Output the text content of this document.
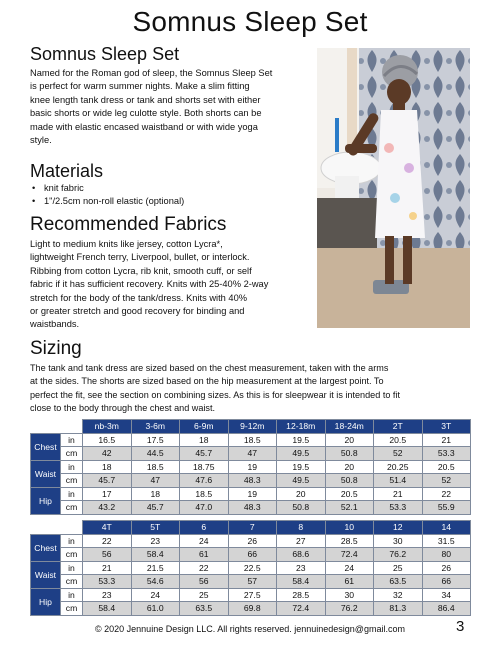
Somnus Sleep Set
Somnus Sleep Set
Named for the Roman god of sleep, the Somnus Sleep Set
is perfect for warm summer nights. Make a slim fitting
knee length tank dress or tank and shorts set with either
basic shorts or wide leg culotte style. Both shorts can be
made with elastic encased waistband or with wide yoga
style.
Materials
• knit fabric
• 1"/2.5cm non-roll elastic (optional)
Recommended Fabrics
Light to medium knits like jersey, cotton Lycra*,
lightweight French terry, Liverpool, bullet, or interlock.
Ribbing from cotton Lycra, rib knit, smooth cuff, or self
fabric if it has sufficient recovery. Knits with 25-40% 2-way
stretch for the body of the tank/dress. Knits with 40%
or greater stretch and good recovery for binding and
waistbands.
Sizing
The tank and tank dress are sized based on the chest measurement, taken with the arms
at the sides. The shorts are sized based on the hip measurement at the largest point. To
perfect the fit, see the section on combining sizes. As this is for sleepwear it is intended to fit
close to the body through the chest and waist.
		nb-3m	3-6m	6-9m	9-12m	12-18m	18-24m	2T	3T
Chest	in	16.5	17.5	18	18.5	19.5	20	20.5	21
	cm	42	44.5	45.7	47	49.5	50.8	52	53.3
Waist	in	18	18.5	18.75	19	19.5	20	20.25	20.5
	cm	45.7	47	47.6	48.3	49.5	50.8	51.4	52
Hip	in	17	18	18.5	19	20	20.5	21	22
	cm	43.2	45.7	47.0	48.3	50.8	52.1	53.3	55.9
		4T	5T	6	7	8	10	12	14
Chest	in	22	23	24	26	27	28.5	30	31.5
	cm	56	58.4	61	66	68.6	72.4	76.2	80
Waist	in	21	21.5	22	22.5	23	24	25	26
	cm	53.3	54.6	56	57	58.4	61	63.5	66
Hip	in	23	24	25	27.5	28.5	30	32	34
	cm	58.4	61.0	63.5	69.8	72.4	76.2	81.3	86.4
© 2020 Jennuine Design LLC. All rights reserved. jennuinedesign@gmail.com	3
